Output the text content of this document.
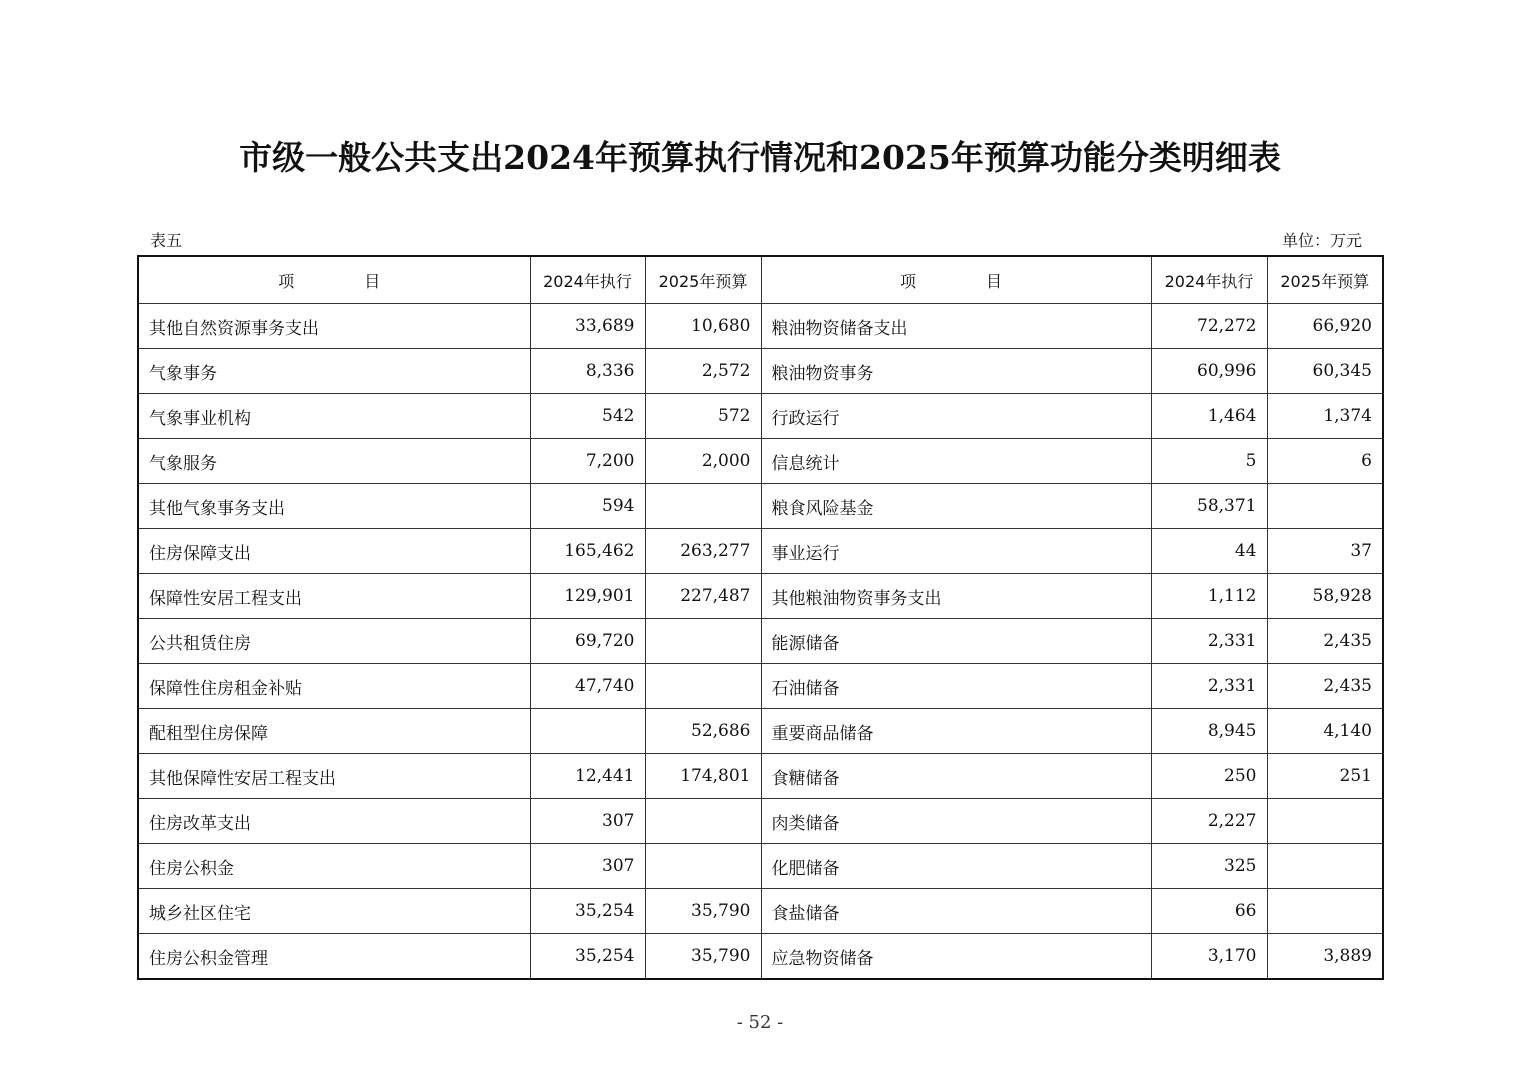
市级一般公共支出2024年预算执行情况和2025年预算功能分类明细表
表五	单位：万元
项目	2024年执行	2025年预算	项目	2024年执行	2025年预算
其他自然资源事务支出	33,689	10,680	粮油物资储备支出	72,272	66,920
气象事务	8,336	2,572	粮油物资事务	60,996	60,345
气象事业机构	542	572	行政运行	1,464	1,374
气象服务	7,200	2,000	信息统计	5	6
其他气象事务支出	594		粮食风险基金	58,371	
住房保障支出	165,462	263,277	事业运行	44	37
保障性安居工程支出	129,901	227,487	其他粮油物资事务支出	1,112	58,928
公共租赁住房	69,720		能源储备	2,331	2,435
保障性住房租金补贴	47,740		石油储备	2,331	2,435
配租型住房保障		52,686	重要商品储备	8,945	4,140
其他保障性安居工程支出	12,441	174,801	食糖储备	250	251
住房改革支出	307		肉类储备	2,227	
住房公积金	307		化肥储备	325	
城乡社区住宅	35,254	35,790	食盐储备	66	
住房公积金管理	35,254	35,790	应急物资储备	3,170	3,889
- 52 -
